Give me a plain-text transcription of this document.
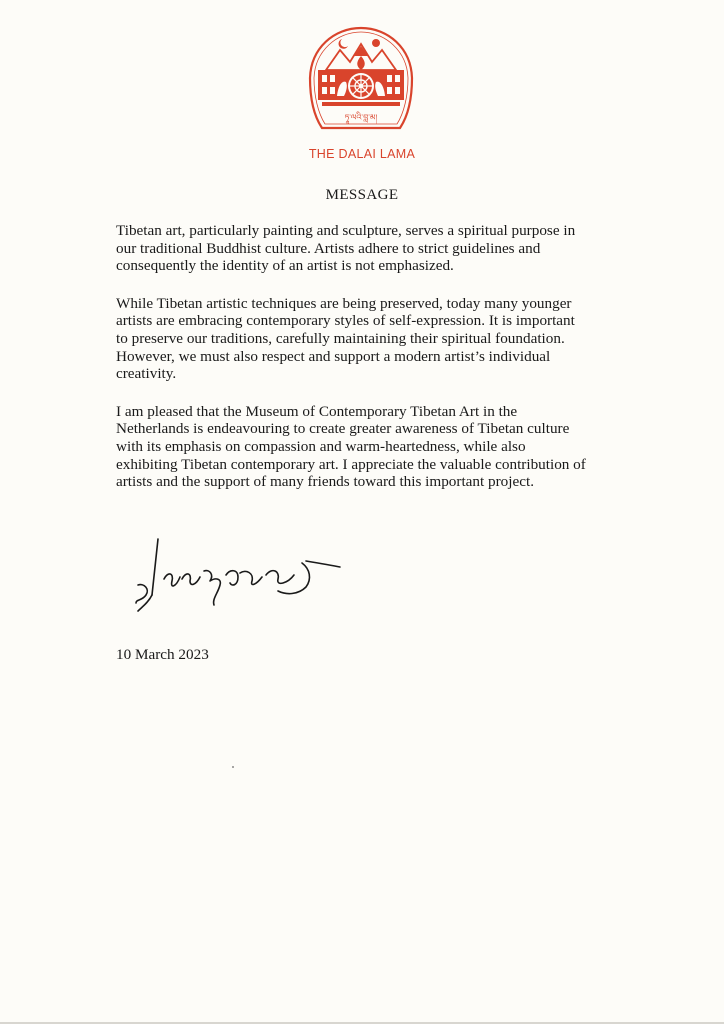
ཏཱ་ལའི་བླ་མ།
THE DALAI LAMA
MESSAGE

Tibetan art, particularly painting and sculpture, serves a spiritual purpose in
our traditional Buddhist culture. Artists adhere to strict guidelines and
consequently the identity of an artist is not emphasized.

While Tibetan artistic techniques are being preserved, today many younger
artists are embracing contemporary styles of self-expression. It is important
to preserve our traditions, carefully maintaining their spiritual foundation.
However, we must also respect and support a modern artist’s individual
creativity.

I am pleased that the Museum of Contemporary Tibetan Art in the
Netherlands is endeavouring to create greater awareness of Tibetan culture
with its emphasis on compassion and warm-heartedness, while also
exhibiting Tibetan contemporary art. I appreciate the valuable contribution of
artists and the support of many friends toward this important project.

10 March 2023
